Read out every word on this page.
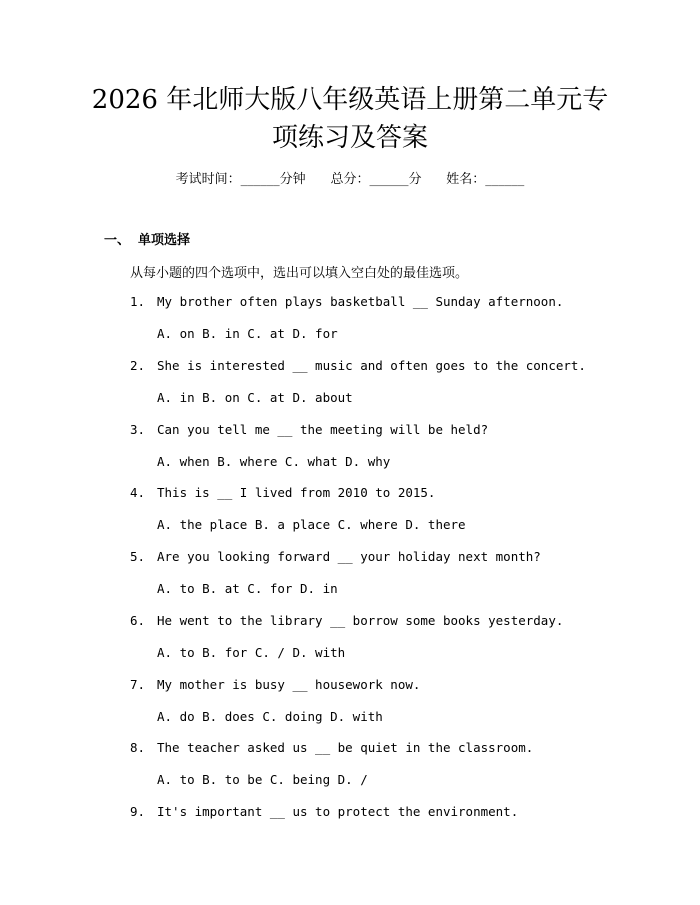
2026 年北师大版八年级英语上册第二单元专
项练习及答案
考试时间：______分钟 总分：______分 姓名：______
一、 单项选择
从每小题的四个选项中，选出可以填入空白处的最佳选项。
1. My brother often plays basketball __ Sunday afternoon.
A. on B. in C. at D. for
2. She is interested __ music and often goes to the concert.
A. in B. on C. at D. about
3. Can you tell me __ the meeting will be held?
A. when B. where C. what D. why
4. This is __ I lived from 2010 to 2015.
A. the place B. a place C. where D. there
5. Are you looking forward __ your holiday next month?
A. to B. at C. for D. in
6. He went to the library __ borrow some books yesterday.
A. to B. for C. / D. with
7. My mother is busy __ housework now.
A. do B. does C. doing D. with
8. The teacher asked us __ be quiet in the classroom.
A. to B. to be C. being D. /
9. It's important __ us to protect the environment.
